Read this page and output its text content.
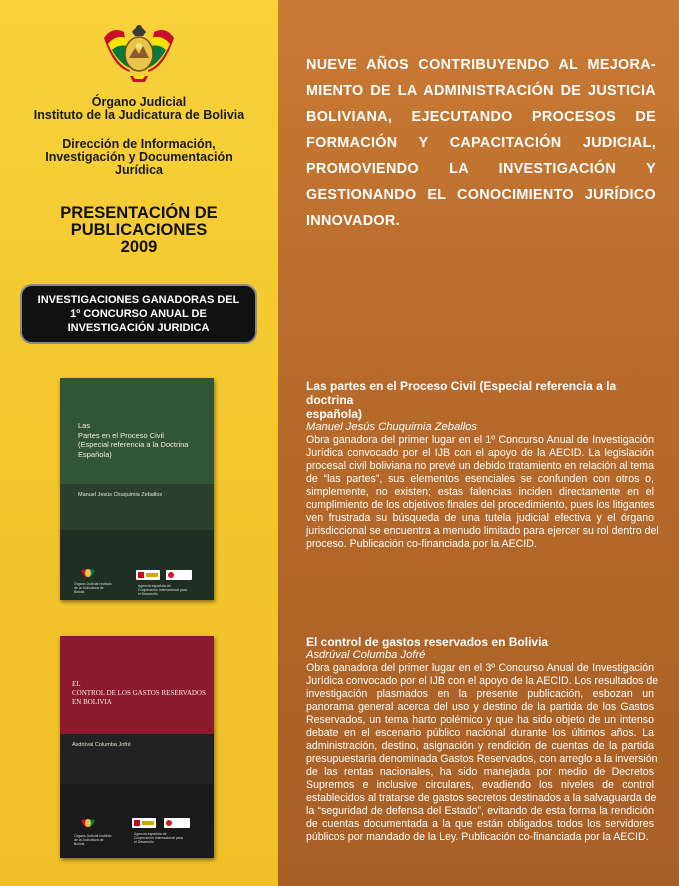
Órgano Judicial
Instituto de la Judicatura de Bolivia
Dirección de Información,
Investigación y Documentación
Jurídica
PRESENTACIÓN DE
PUBLICACIONES
2009
INVESTIGACIONES GANADORAS DEL
1º CONCURSO ANUAL DE
INVESTIGACIÓN JURIDICA
Las
Partes en el Proceso Civil
(Especial referencia a la Doctrina
Española)
Manuel Jesús Chuquimia Zeballos
Órgano Judicial Instituto de la Judicatura de Bolivia
Agencia española de Cooperación Internacional para el Desarrollo
EL
CONTROL DE LOS GASTOS RESERVADOS
EN BOLIVIA
Asdrúval Columba Jofré
Órgano Judicial Instituto de la Judicatura de Bolivia
Agencia española de Cooperación Internacional para el Desarrollo
NUEVE AÑOS CONTRIBUYENDO AL MEJORA-
MIENTO DE LA ADMINISTRACIÓN DE JUSTICIA
BOLIVIANA, EJECUTANDO PROCESOS DE
FORMACIÓN Y CAPACITACIÓN JUDICIAL,
PROMOVIENDO LA INVESTIGACIÓN Y
GESTIONANDO EL CONOCIMIENTO JURÍDICO
INNOVADOR.
Las partes en el Proceso Civil (Especial referencia a la doctrina
española)
Manuel Jesús Chuquimia Zeballos

Obra ganadora del primer lugar en el 1º Concurso Anual de Investigación
Jurídica convocado por el IJB con el apoyo de la AECID. La legislación
procesal civil boliviana no prevé un debido tratamiento en relación al tema
de “las partes”, sus elementos esenciales se confunden con otros o,
simplemente, no existen; estas falencias inciden directamente en el
cumplimiento de los objetivos finales del procedimiento, pues los litigantes
ven frustrada su búsqueda de una tutela judicial efectiva y el órgano
jurisdiccional se encuentra a menudo limitado para ejercer su rol dentro del
proceso. Publicación co-financiada por la AECID.

El control de gastos reservados en Bolivia
Asdrúval Columba Jofré

Obra ganadora del primer lugar en el 3º Concurso Anual de Investigación
Jurídica convocado por el IJB con el apoyo de la AECID. Los resultados de
investigación plasmados en la presente publicación, esbozan un
panorama general acerca del uso y destino de la partida de los Gastos
Reservados, un tema harto polémico y que ha sido objeto de un intenso
debate en el escenario público nacional durante los últimos años. La
administración, destino, asignación y rendición de cuentas de la partida
presupuestaria denominada Gastos Reservados, con arreglo a la inversión
de las rentas nacionales, ha sido manejada por medio de Decretos
Supremos e inclusive circulares, evadiendo los niveles de control
establecidos al tratarse de gastos secretos destinados a la salvaguarda de
la “seguridad de defensa del Estado”, evitando de esta forma la rendición
de cuentas documentada a la que están obligados todos los servidores
públicos por mandado de la Ley. Publicación co-financiada por la AECID.
